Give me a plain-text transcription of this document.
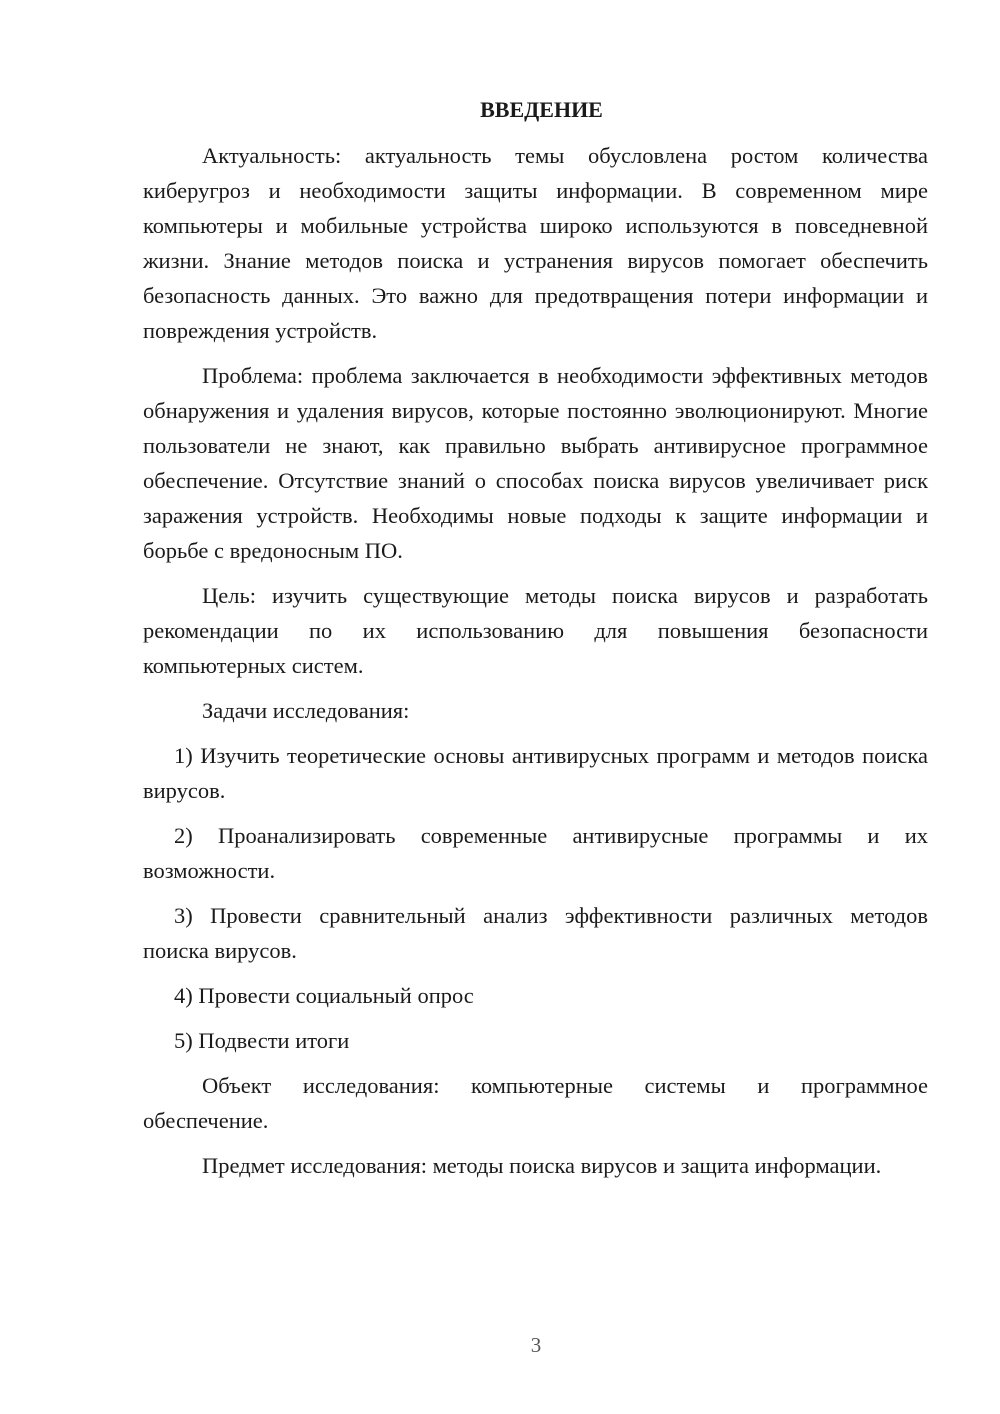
ВВЕДЕНИЕ

Актуальность: актуальность темы обусловлена ростом количества киберугроз и необходимости защиты информации. В современном мире компьютеры и мобильные устройства широко используются в повседневной жизни. Знание методов поиска и устранения вирусов помогает обеспечить безопасность данных. Это важно для предотвращения потери информации и повреждения устройств.

Проблема: проблема заключается в необходимости эффективных методов обнаружения и удаления вирусов, которые постоянно эволюционируют. Многие пользователи не знают, как правильно выбрать антивирусное программное обеспечение. Отсутствие знаний о способах поиска вирусов увеличивает риск заражения устройств. Необходимы новые подходы к защите информации и борьбе с вредоносным ПО.

Цель: изучить существующие методы поиска вирусов и разработать рекомендации по их использованию для повышения безопасности компьютерных систем.

Задачи исследования:

1) Изучить теоретические основы антивирусных программ и методов поиска вирусов.
2) Проанализировать современные антивирусные программы и их возможности.
3) Провести сравнительный анализ эффективности различных методов поиска вирусов.
4) Провести социальный опрос
5) Подвести итоги

Объект исследования: компьютерные системы и программное обеспечение.

Предмет исследования: методы поиска вирусов и защита информации.

3
